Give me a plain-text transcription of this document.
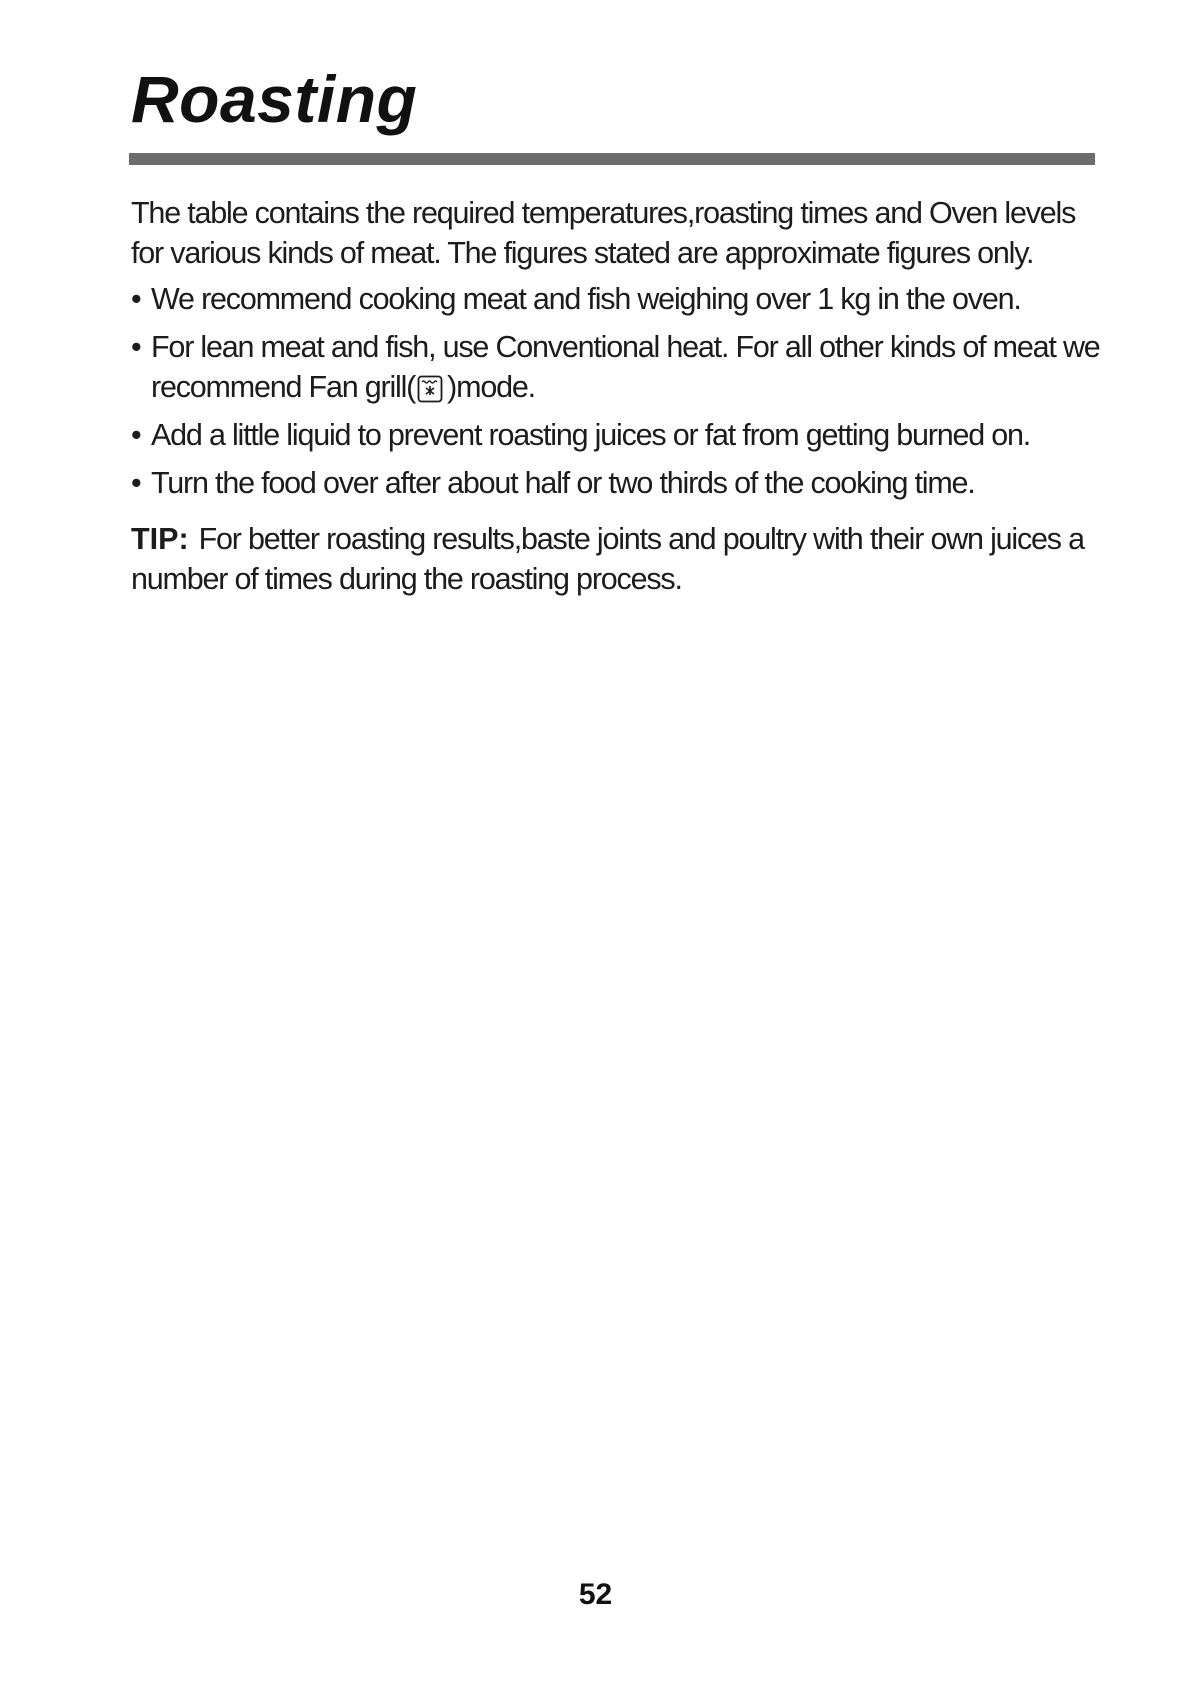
Roasting

The table contains the required temperatures,roasting times and Oven levels for various kinds of meat. The figures stated are approximate figures only.

• We recommend cooking meat and fish weighing over 1 kg in the oven.
• For lean meat and fish, use Conventional heat. For all other kinds of meat we recommend Fan grill( )mode.
• Add a little liquid to prevent roasting juices or fat from getting burned on.
• Turn the food over after about half or two thirds of the cooking time.

TIP: For better roasting results,baste joints and poultry with their own juices a number of times during the roasting process.

52
